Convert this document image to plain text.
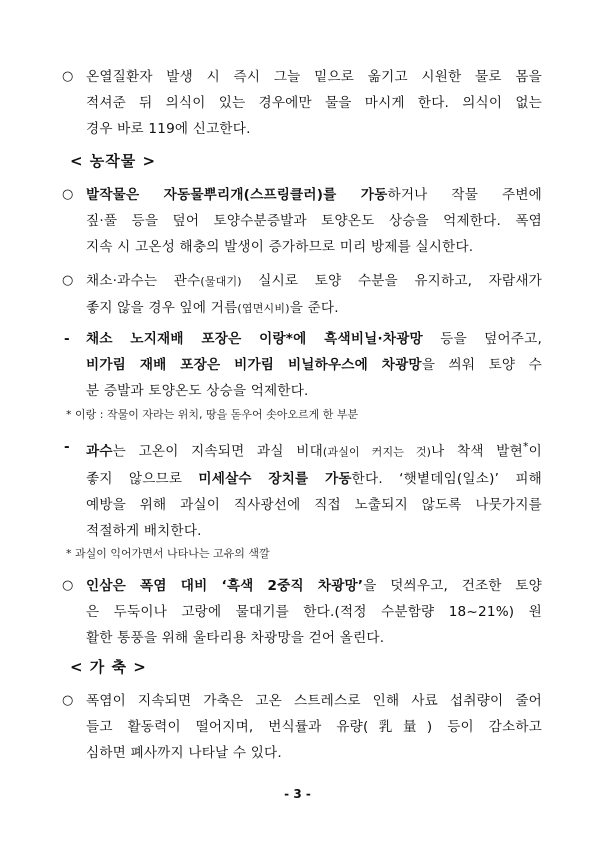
○ 온열질환자 발생 시 즉시 그늘 밑으로 옮기고 시원한 물로 몸을
적셔준 뒤 의식이 있는 경우에만 물을 마시게 한다. 의식이 없는
경우 바로 119에 신고한다.
< 농작물 >
○ 발작물은 자동물뿌리개(스프링클러)를 가동하거나 작물 주변에
짚·풀 등을 덮어 토양수분증발과 토양온도 상승을 억제한다. 폭염
지속 시 고온성 해충의 발생이 증가하므로 미리 방제를 실시한다.
○ 채소·과수는 관수(물대기) 실시로 토양 수분을 유지하고, 자람새가
좋지 않을 경우 잎에 거름(엽면시비)을 준다.
-	채소 노지재배 포장은 이랑*에 흑색비닐·차광망 등을 덮어주고,
비가림 재배 포장은 비가림 비닐하우스에 차광망을 씌워 토양 수
분 증발과 토양온도 상승을 억제한다.
* 이랑 : 작물이 자라는 위치, 땅을 돋우어 솟아오르게 한 부분
-	과수는 고온이 지속되면 과실 비대(과실이 커지는 것)나 착색 발현*이
좋지 않으므로 미세살수 장치를 가동한다. ‘햇볕데임(일소)’ 피해
예방을 위해 과실이 직사광선에 직접 노출되지 않도록 나뭇가지를
적절하게 배치한다.
* 과실이 익어가면서 나타나는 고유의 색깔
○ 인삼은 폭염 대비 ‘흑색 2중직 차광망’을 덧씌우고, 건조한 토양
은 두둑이나 고랑에 물대기를 한다.(적정 수분함량 18~21%) 원
활한 통풍을 위해 울타리용 차광망을 걷어 올린다.
< 가 축 >
○ 폭염이 지속되면 가축은 고온 스트레스로 인해 사료 섭취량이 줄어
들고 활동력이 떨어지며, 번식률과 유량(乳量) 등이 감소하고
심하면 폐사까지 나타날 수 있다.
- 3 -
